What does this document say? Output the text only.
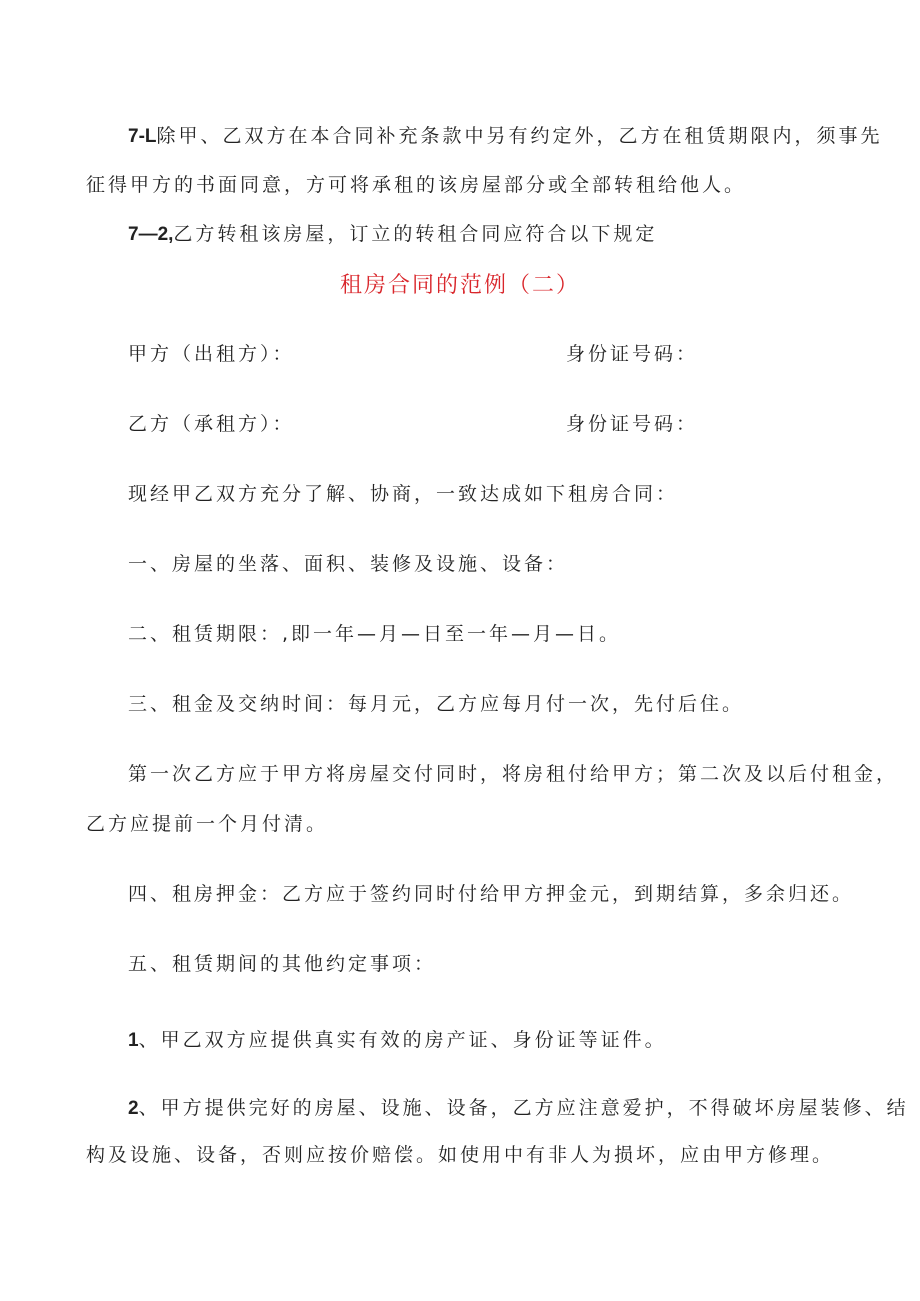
7-L除甲、乙双方在本合同补充条款中另有约定外，乙方在租赁期限内，须事先
征得甲方的书面同意，方可将承租的该房屋部分或全部转租给他人。
7—2,乙方转租该房屋，订立的转租合同应符合以下规定
租房合同的范例（二）
甲方（出租方）：	身份证号码：
乙方（承租方）：	身份证号码：
现经甲乙双方充分了解、协商，一致达成如下租房合同：
一、房屋的坐落、面积、装修及设施、设备：
二、租赁期限：,即一年—月—日至一年—月—日。
三、租金及交纳时间：每月元，乙方应每月付一次，先付后住。
第一次乙方应于甲方将房屋交付同时，将房租付给甲方；第二次及以后付租金，
乙方应提前一个月付清。
四、租房押金：乙方应于签约同时付给甲方押金元，到期结算，多余归还。
五、租赁期间的其他约定事项：
1、甲乙双方应提供真实有效的房产证、身份证等证件。
2、甲方提供完好的房屋、设施、设备，乙方应注意爱护，不得破坏房屋装修、结
构及设施、设备，否则应按价赔偿。如使用中有非人为损坏，应由甲方修理。
